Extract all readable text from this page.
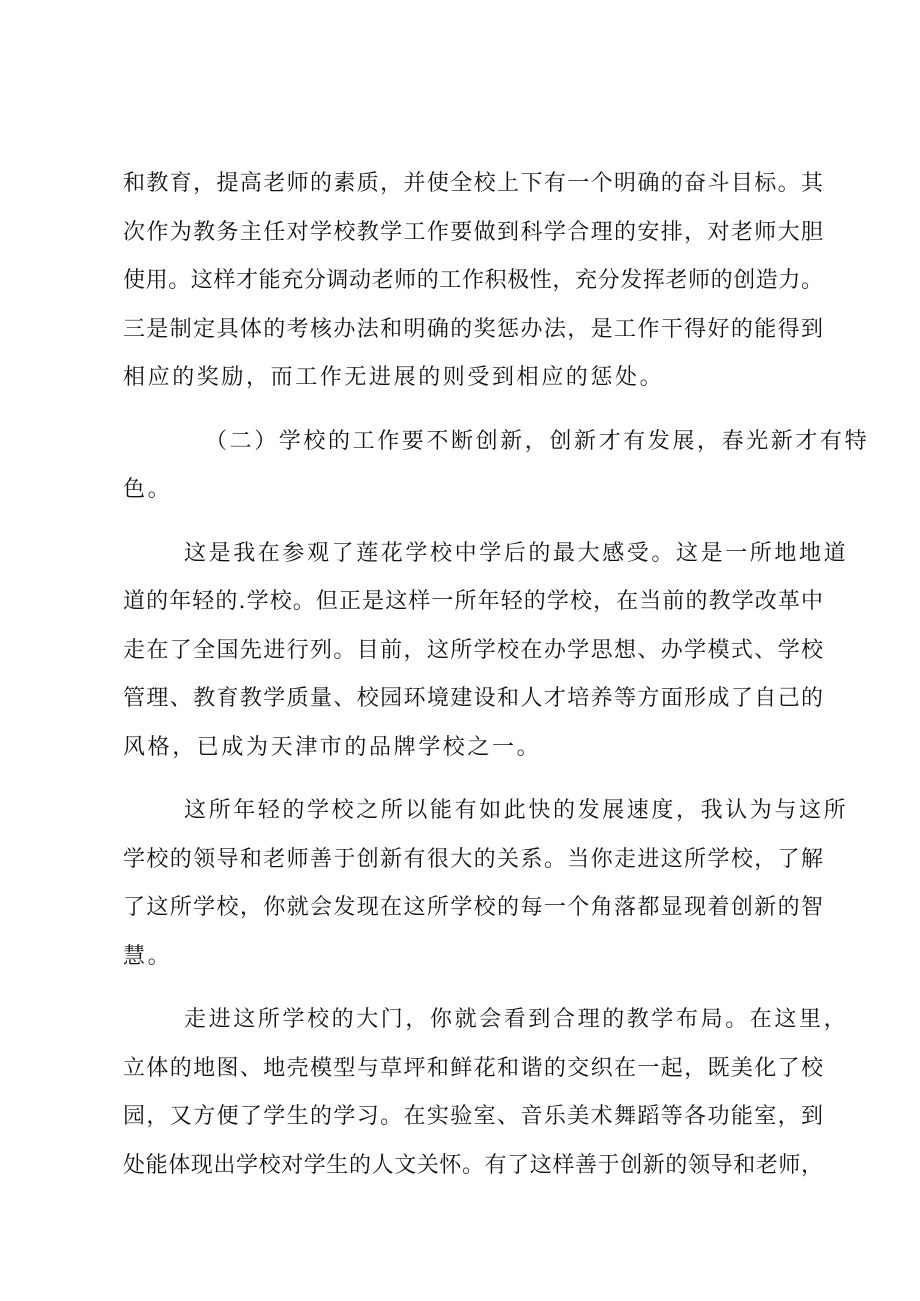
和教育，提高老师的素质，并使全校上下有一个明确的奋斗目标。其
次作为教务主任对学校教学工作要做到科学合理的安排，对老师大胆
使用。这样才能充分调动老师的工作积极性，充分发挥老师的创造力。
三是制定具体的考核办法和明确的奖惩办法，是工作干得好的能得到
相应的奖励，而工作无进展的则受到相应的惩处。
（二）学校的工作要不断创新，创新才有发展，春光新才有特
色。
这是我在参观了莲花学校中学后的最大感受。这是一所地地道
道的年轻的.学校。但正是这样一所年轻的学校，在当前的教学改革中
走在了全国先进行列。目前，这所学校在办学思想、办学模式、学校
管理、教育教学质量、校园环境建设和人才培养等方面形成了自己的
风格，已成为天津市的品牌学校之一。
这所年轻的学校之所以能有如此快的发展速度，我认为与这所
学校的领导和老师善于创新有很大的关系。当你走进这所学校，了解
了这所学校，你就会发现在这所学校的每一个角落都显现着创新的智
慧。
走进这所学校的大门，你就会看到合理的教学布局。在这里，
立体的地图、地壳模型与草坪和鲜花和谐的交织在一起，既美化了校
园，又方便了学生的学习。在实验室、音乐美术舞蹈等各功能室，到
处能体现出学校对学生的人文关怀。有了这样善于创新的领导和老师，
